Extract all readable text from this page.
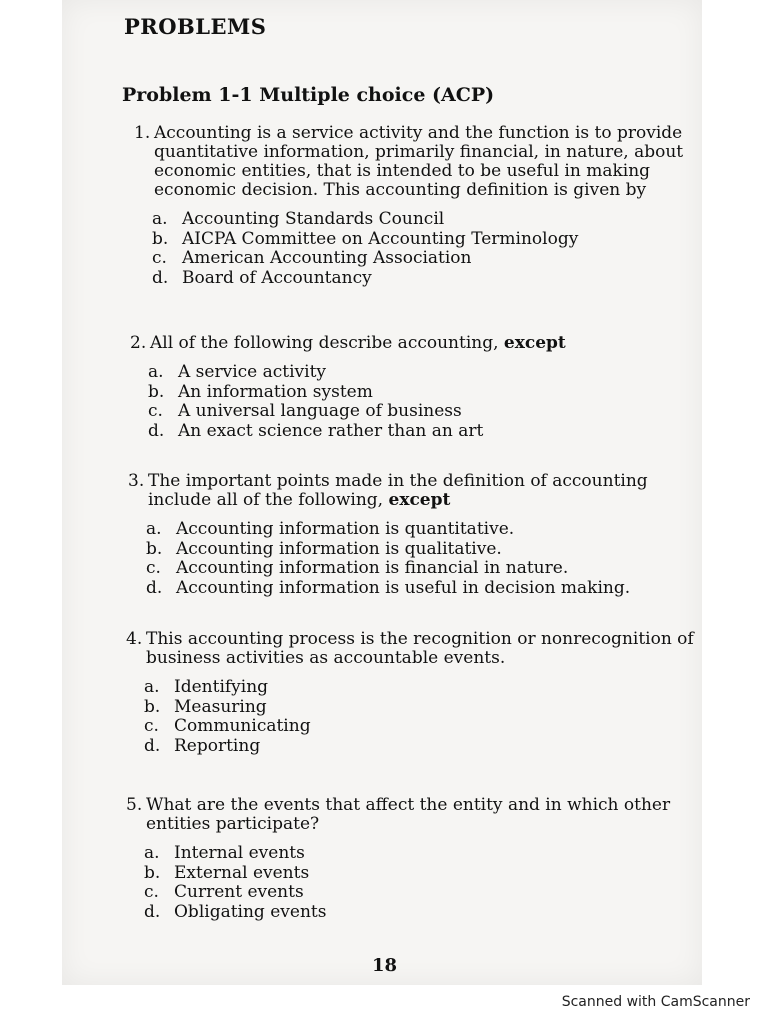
PROBLEMS
Problem 1-1 Multiple choice (ACP)
1. Accounting is a service activity and the function is to provide quantitative information, primarily financial, in nature, about economic entities, that is intended to be useful in making economic decision. This accounting definition is given by
a. Accounting Standards Council
b. AICPA Committee on Accounting Terminology
c. American Accounting Association
d. Board of Accountancy
2. All of the following describe accounting, except
a. A service activity
b. An information system
c. A universal language of business
d. An exact science rather than an art
3. The important points made in the definition of accounting include all of the following, except
a. Accounting information is quantitative.
b. Accounting information is qualitative.
c. Accounting information is financial in nature.
d. Accounting information is useful in decision making.
4. This accounting process is the recognition or nonrecognition of business activities as accountable events.
a. Identifying
b. Measuring
c. Communicating
d. Reporting
5. What are the events that affect the entity and in which other entities participate?
a. Internal events
b. External events
c. Current events
d. Obligating events
18
Scanned with CamScanner
